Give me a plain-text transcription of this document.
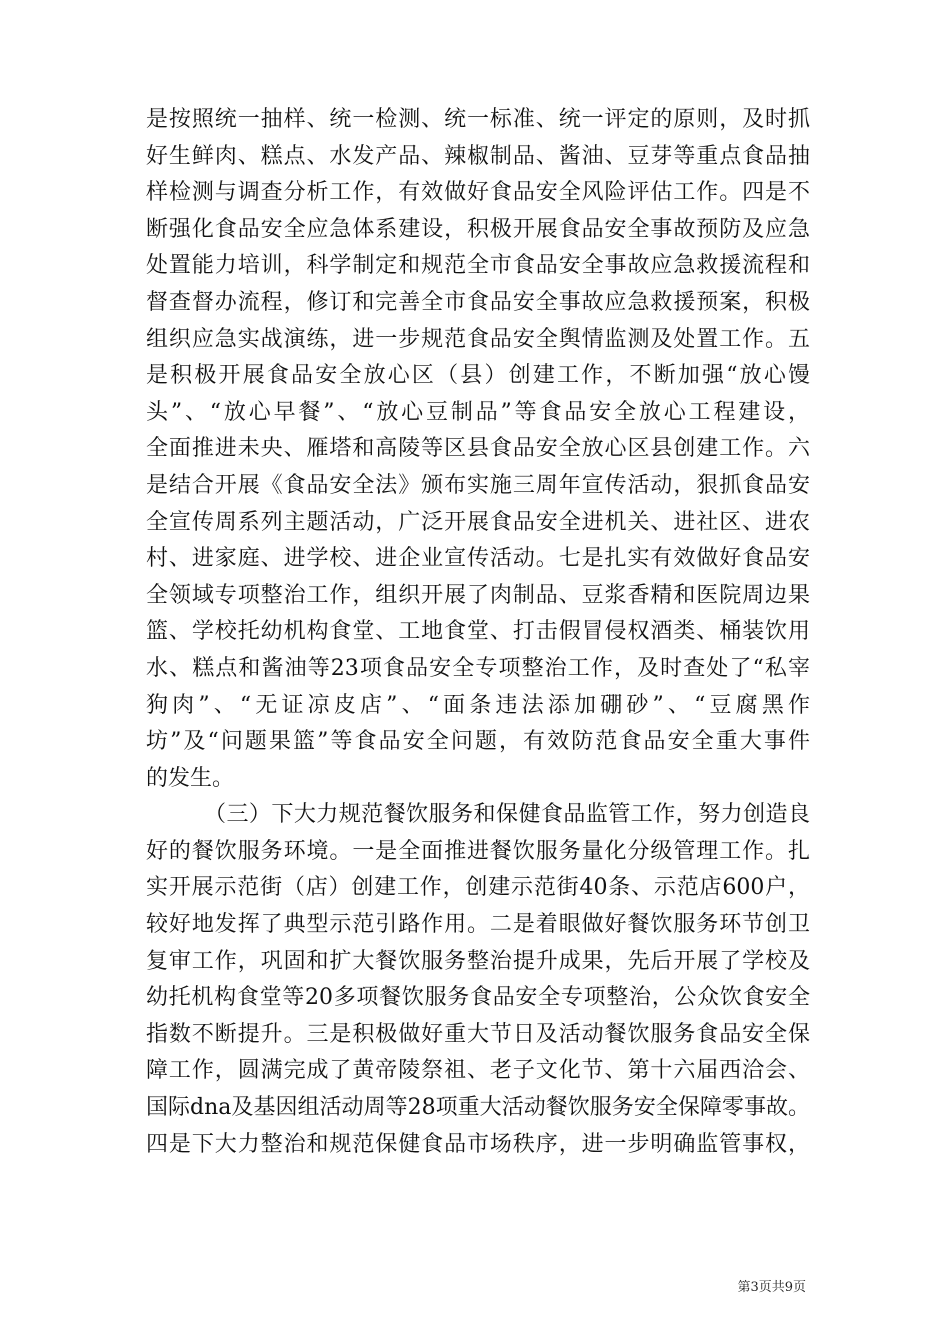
是按照统一抽样、统一检测、统一标准、统一评定的原则，及时抓
好生鲜肉、糕点、水发产品、辣椒制品、酱油、豆芽等重点食品抽
样检测与调查分析工作，有效做好食品安全风险评估工作。四是不
断强化食品安全应急体系建设，积极开展食品安全事故预防及应急
处置能力培训，科学制定和规范全市食品安全事故应急救援流程和
督查督办流程，修订和完善全市食品安全事故应急救援预案，积极
组织应急实战演练，进一步规范食品安全舆情监测及处置工作。五
是积极开展食品安全放心区（县）创建工作，不断加强“放心馒
头”、“放心早餐”、“放心豆制品”等食品安全放心工程建设，
全面推进未央、雁塔和高陵等区县食品安全放心区县创建工作。六
是结合开展《食品安全法》颁布实施三周年宣传活动，狠抓食品安
全宣传周系列主题活动，广泛开展食品安全进机关、进社区、进农
村、进家庭、进学校、进企业宣传活动。七是扎实有效做好食品安
全领域专项整治工作，组织开展了肉制品、豆浆香精和医院周边果
篮、学校托幼机构食堂、工地食堂、打击假冒侵权酒类、桶装饮用
水、糕点和酱油等23项食品安全专项整治工作，及时查处了“私宰
狗肉”、“无证凉皮店”、“面条违法添加硼砂”、“豆腐黑作
坊”及“问题果篮”等食品安全问题，有效防范食品安全重大事件
的发生。
（三）下大力规范餐饮服务和保健食品监管工作，努力创造良
好的餐饮服务环境。一是全面推进餐饮服务量化分级管理工作。扎
实开展示范街（店）创建工作，创建示范街40条、示范店600户，
较好地发挥了典型示范引路作用。二是着眼做好餐饮服务环节创卫
复审工作，巩固和扩大餐饮服务整治提升成果，先后开展了学校及
幼托机构食堂等20多项餐饮服务食品安全专项整治，公众饮食安全
指数不断提升。三是积极做好重大节日及活动餐饮服务食品安全保
障工作，圆满完成了黄帝陵祭祖、老子文化节、第十六届西洽会、
国际dna及基因组活动周等28项重大活动餐饮服务安全保障零事故。
四是下大力整治和规范保健食品市场秩序，进一步明确监管事权，
第3页共9页
